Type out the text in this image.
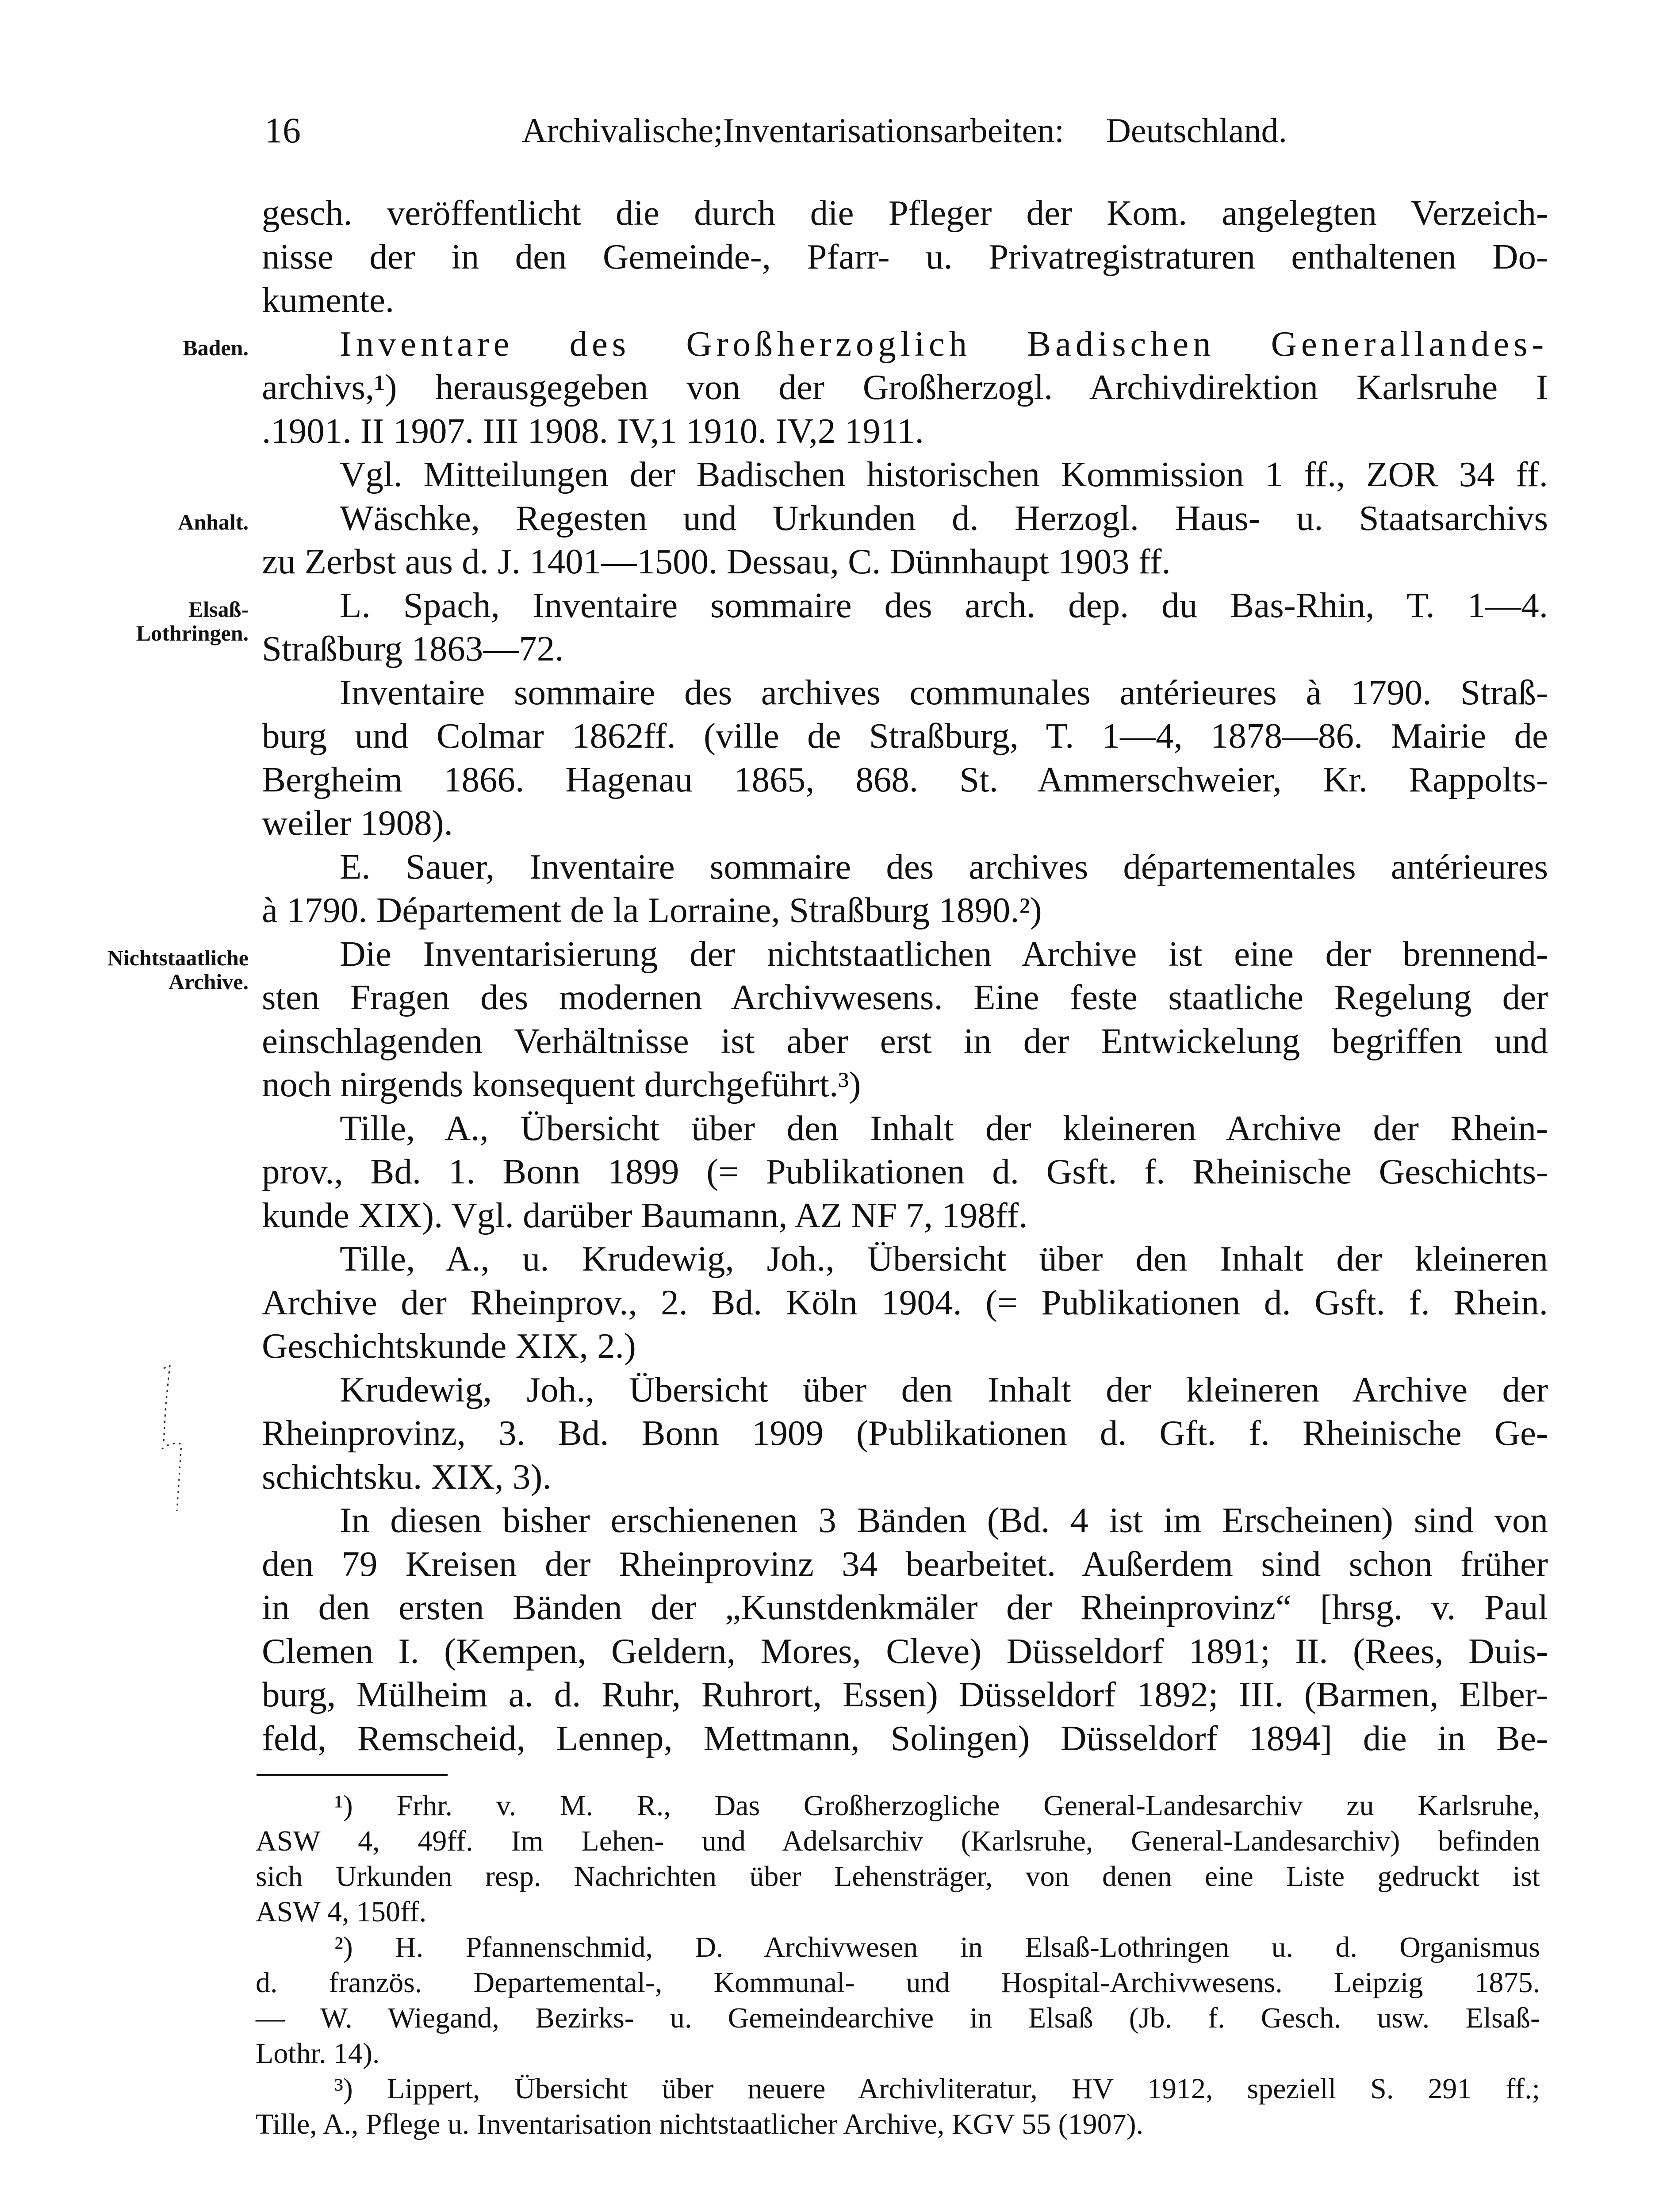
16	Archivalische;Inventarisationsarbeiten: Deutschland.
Baden.
Anhalt.
Elsaß-
Lothringen.
Nichtstaatliche
Archive.
gesch. veröffentlicht die durch die Pfleger der Kom. angelegten Verzeich-
nisse der in den Gemeinde-, Pfarr- u. Privatregistraturen enthaltenen Do-
kumente.
Inventare des Großherzoglich Badischen Generallandes-
archivs,¹) herausgegeben von der Großherzogl. Archivdirektion Karlsruhe I
.1901. II 1907. III 1908. IV,1 1910. IV,2 1911.
Vgl. Mitteilungen der Badischen historischen Kommission 1 ff., ZOR 34 ff.
Wäschke, Regesten und Urkunden d. Herzogl. Haus- u. Staatsarchivs
zu Zerbst aus d. J. 1401—1500. Dessau, C. Dünnhaupt 1903 ff.
L. Spach, Inventaire sommaire des arch. dep. du Bas-Rhin, T. 1—4.
Straßburg 1863—72.
Inventaire sommaire des archives communales antérieures à 1790. Straß-
burg und Colmar 1862ff. (ville de Straßburg, T. 1—4, 1878—86. Mairie de
Bergheim 1866. Hagenau 1865, 868. St. Ammerschweier, Kr. Rappolts-
weiler 1908).
E. Sauer, Inventaire sommaire des archives départementales antérieures
à 1790. Département de la Lorraine, Straßburg 1890.²)
Die Inventarisierung der nichtstaatlichen Archive ist eine der brennend-
sten Fragen des modernen Archivwesens. Eine feste staatliche Regelung der
einschlagenden Verhältnisse ist aber erst in der Entwickelung begriffen und
noch nirgends konsequent durchgeführt.³)
Tille, A., Übersicht über den Inhalt der kleineren Archive der Rhein-
prov., Bd. 1. Bonn 1899 (= Publikationen d. Gsft. f. Rheinische Geschichts-
kunde XIX). Vgl. darüber Baumann, AZ NF 7, 198ff.
Tille, A., u. Krudewig, Joh., Übersicht über den Inhalt der kleineren
Archive der Rheinprov., 2. Bd. Köln 1904. (= Publikationen d. Gsft. f. Rhein.
Geschichtskunde XIX, 2.)
Krudewig, Joh., Übersicht über den Inhalt der kleineren Archive der
Rheinprovinz, 3. Bd. Bonn 1909 (Publikationen d. Gft. f. Rheinische Ge-
schichtsku. XIX, 3).
In diesen bisher erschienenen 3 Bänden (Bd. 4 ist im Erscheinen) sind von
den 79 Kreisen der Rheinprovinz 34 bearbeitet. Außerdem sind schon früher
in den ersten Bänden der „Kunstdenkmäler der Rheinprovinz“ [hrsg. v. Paul
Clemen I. (Kempen, Geldern, Mores, Cleve) Düsseldorf 1891; II. (Rees, Duis-
burg, Mülheim a. d. Ruhr, Ruhrort, Essen) Düsseldorf 1892; III. (Barmen, Elber-
feld, Remscheid, Lennep, Mettmann, Solingen) Düsseldorf 1894] die in Be-
¹) Frhr. v. M. R., Das Großherzogliche General-Landesarchiv zu Karlsruhe,
ASW 4, 49ff. Im Lehen- und Adelsarchiv (Karlsruhe, General-Landesarchiv) befinden
sich Urkunden resp. Nachrichten über Lehensträger, von denen eine Liste gedruckt ist
ASW 4, 150ff.
²) H. Pfannenschmid, D. Archivwesen in Elsaß-Lothringen u. d. Organismus
d. französ. Departemental-, Kommunal- und Hospital-Archivwesens. Leipzig 1875.
— W. Wiegand, Bezirks- u. Gemeindearchive in Elsaß (Jb. f. Gesch. usw. Elsaß-
Lothr. 14).
³) Lippert, Übersicht über neuere Archivliteratur, HV 1912, speziell S. 291 ff.;
Tille, A., Pflege u. Inventarisation nichtstaatlicher Archive, KGV 55 (1907).
